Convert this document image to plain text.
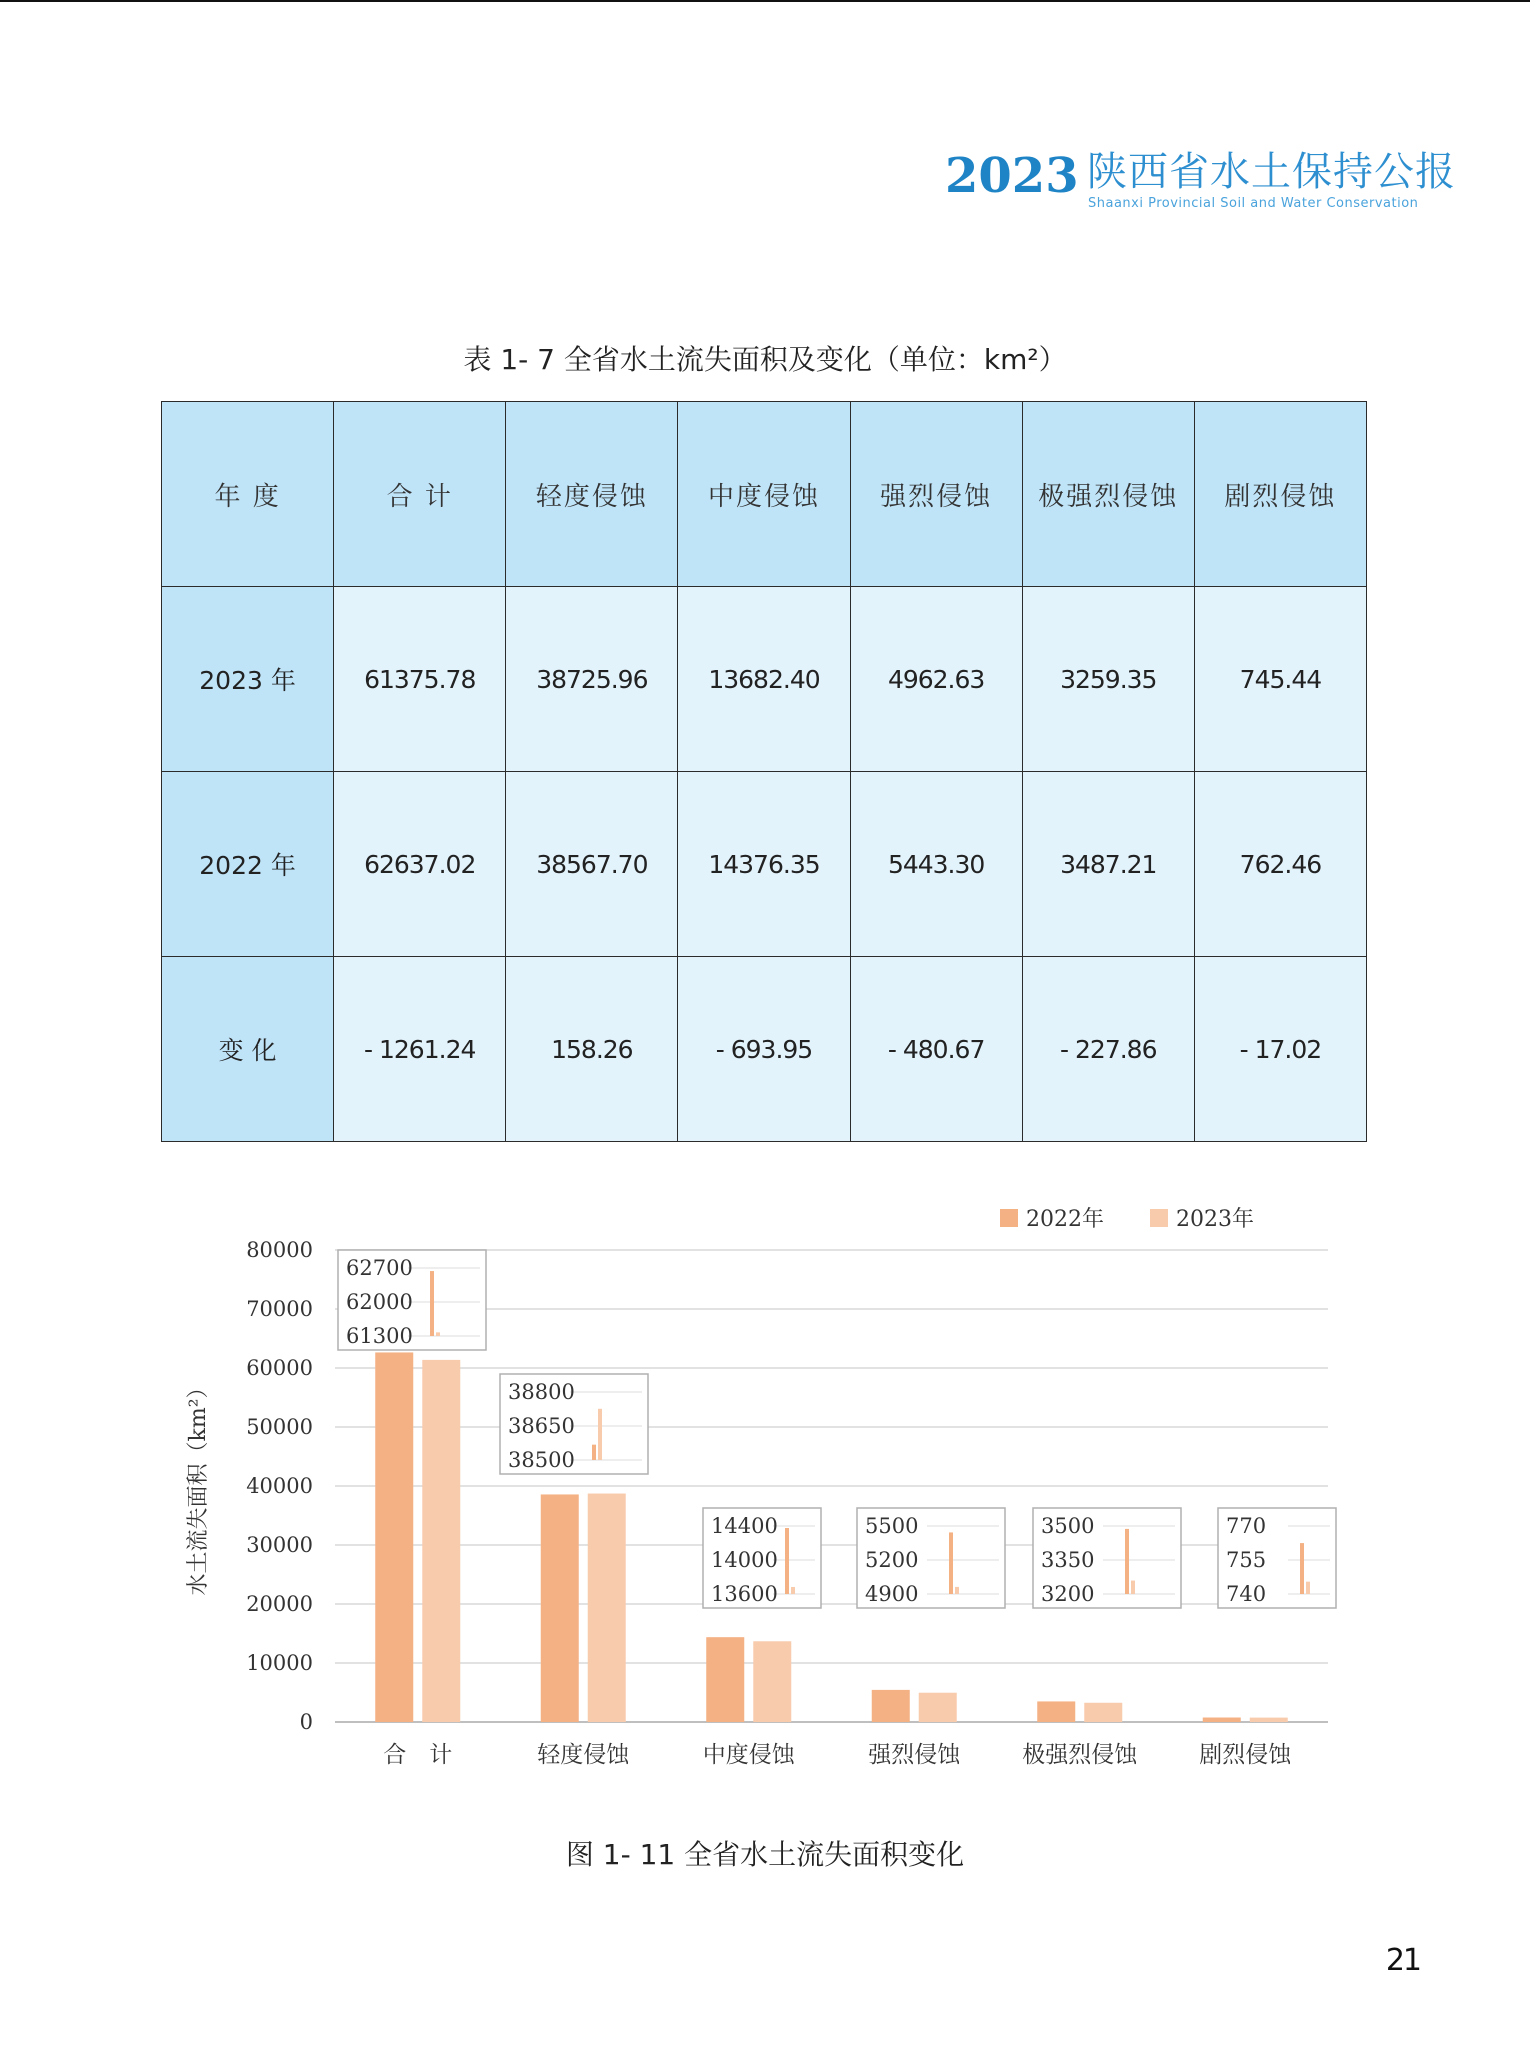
2023 陕西省水土保持公报
Shaanxi Provincial Soil and Water Conservation
表 1- 7 全省水土流失面积及变化（单位：km²）
年 度	合 计	轻度侵蚀	中度侵蚀	强烈侵蚀	极强烈侵蚀	剧烈侵蚀
2023 年	61375.78	38725.96	13682.40	4962.63	3259.35	745.44
2022 年	62637.02	38567.70	14376.35	5443.30	3487.21	762.46
变 化	- 1261.24	158.26	- 693.95	- 480.67	- 227.86	- 17.02
0
10000
20000
30000
40000
50000
60000
70000
80000
水土流失面积（km²）
合　计	轻度侵蚀	中度侵蚀	强烈侵蚀	极强烈侵蚀	剧烈侵蚀
62700
62000
61300
38800
38650
38500
14400
14000
13600
5500
5200
4900
3500
3350
3200
770
755
740
2022年	2023年
图 1- 11 全省水土流失面积变化
21
